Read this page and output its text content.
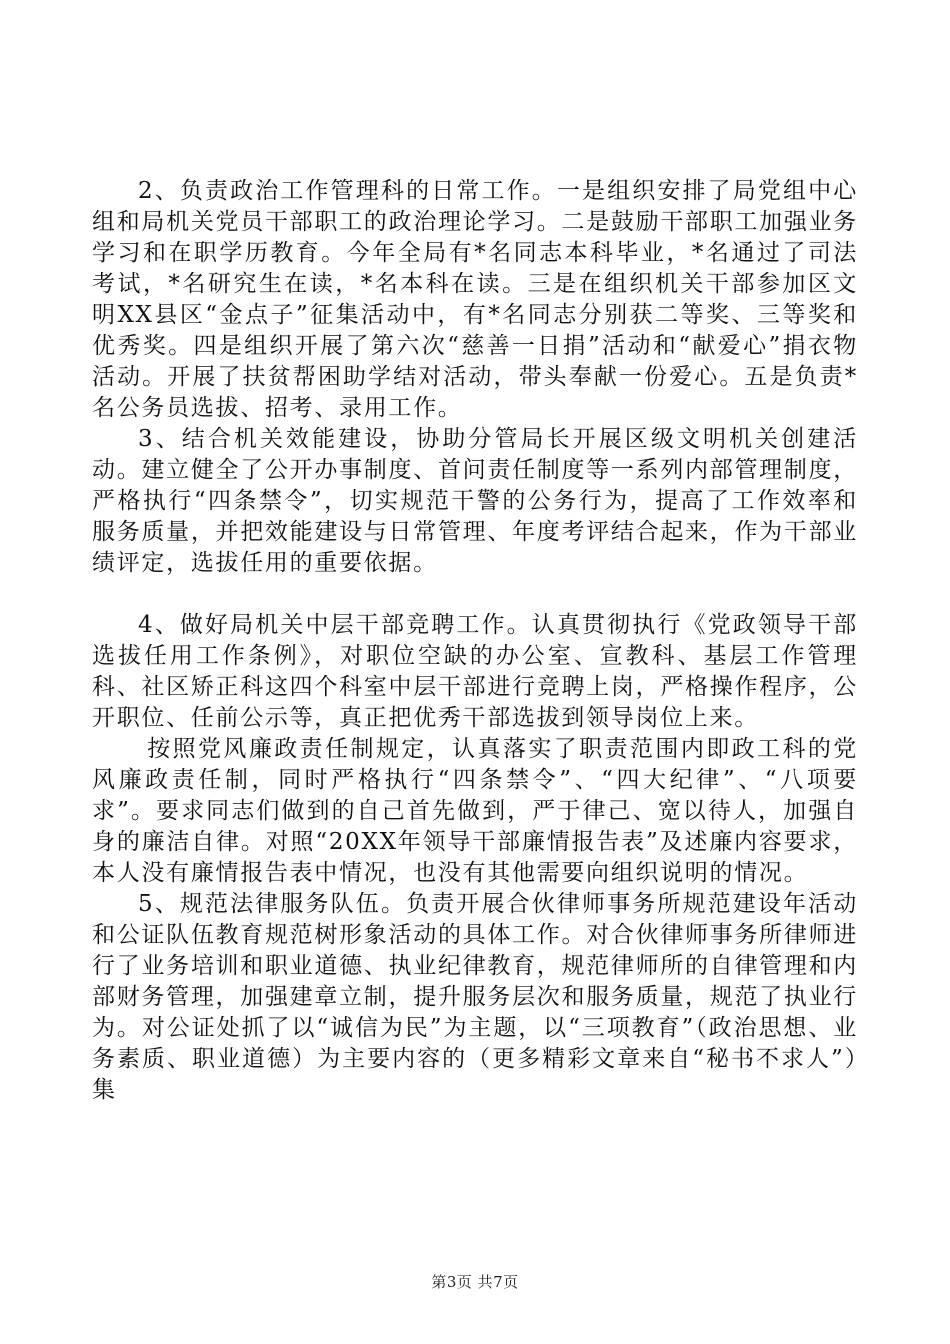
2、负责政治工作管理科的日常工作。一是组织安排了局党组中心组和局机关党员干部职工的政治理论学习。二是鼓励干部职工加强业务学习和在职学历教育。今年全局有*名同志本科毕业，*名通过了司法考试，*名研究生在读，*名本科在读。三是在组织机关干部参加区文明XX县区“金点子”征集活动中，有*名同志分别获二等奖、三等奖和优秀奖。四是组织开展了第六次“慈善一日捐”活动和“献爱心”捐衣物活动。开展了扶贫帮困助学结对活动，带头奉献一份爱心。五是负责*名公务员选拔、招考、录用工作。

3、结合机关效能建设，协助分管局长开展区级文明机关创建活动。建立健全了公开办事制度、首问责任制度等一系列内部管理制度，严格执行“四条禁令”，切实规范干警的公务行为，提高了工作效率和服务质量，并把效能建设与日常管理、年度考评结合起来，作为干部业绩评定，选拔任用的重要依据。

4、做好局机关中层干部竞聘工作。认真贯彻执行《党政领导干部选拔任用工作条例》，对职位空缺的办公室、宣教科、基层工作管理科、社区矫正科这四个科室中层干部进行竞聘上岗，严格操作程序，公开职位、任前公示等，真正把优秀干部选拔到领导岗位上来。

按照党风廉政责任制规定，认真落实了职责范围内即政工科的党风廉政责任制，同时严格执行“四条禁令”、“四大纪律”、“八项要求”。要求同志们做到的自己首先做到，严于律己、宽以待人，加强自身的廉洁自律。对照“20XX年领导干部廉情报告表”及述廉内容要求，本人没有廉情报告表中情况，也没有其他需要向组织说明的情况。

5、规范法律服务队伍。负责开展合伙律师事务所规范建设年活动和公证队伍教育规范树形象活动的具体工作。对合伙律师事务所律师进行了业务培训和职业道德、执业纪律教育，规范律师所的自律管理和内部财务管理，加强建章立制，提升服务层次和服务质量，规范了执业行为。对公证处抓了以“诚信为民”为主题，以“三项教育”（政治思想、业务素质、职业道德）为主要内容的（更多精彩文章来自“秘书不求人”）集

第3页 共7页
